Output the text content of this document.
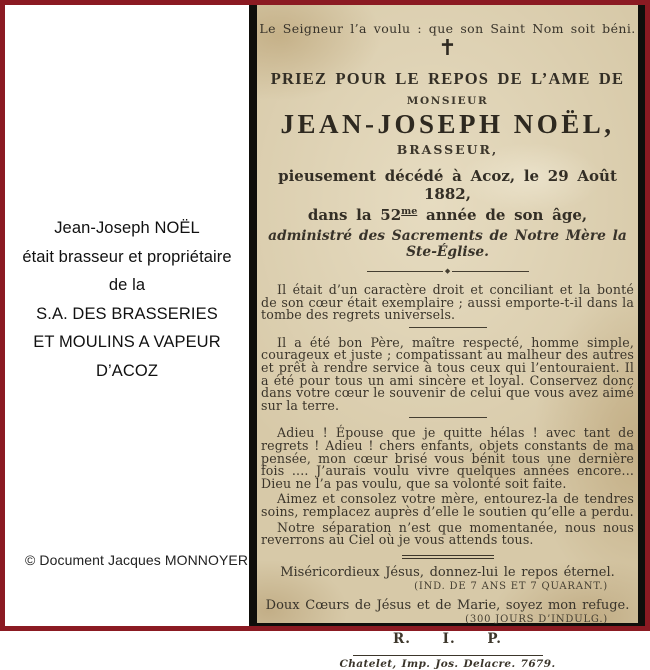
Jean-Joseph NOËL
était brasseur et propriétaire
de la
S.A. DES BRASSERIES
ET MOULINS A VAPEUR
D’ACOZ
© Document Jacques MONNOYER
Le Seigneur l’a voulu : que son Saint Nom soit béni.
✝
PRIEZ POUR LE REPOS DE L’AME DE
MONSIEUR
JEAN-JOSEPH NOËL,
BRASSEUR,
pieusement décédé à Acoz, le 29 Août 1882,
dans la $52^{me}$ année de son âge,
administré des Sacrements de Notre Mère la Ste-Église.
◆

Il était d’un caractère droit et conciliant et la bonté de son cœur était exemplaire ; aussi emporte-t-il dans la tombe des regrets universels.

Il a été bon Père, maître respecté, homme simple, courageux et juste ; compatissant au malheur des autres et prêt à rendre service à tous ceux qui l’entouraient. Il a été pour tous un ami sincère et loyal. Conservez donc dans votre cœur le souvenir de celui que vous avez aimé sur la terre.

Adieu ! Épouse que je quitte hélas ! avec tant de regrets ! Adieu ! chers enfants, objets constants de ma pensée, mon cœur brisé vous bénit tous une dernière fois .... J’aurais voulu vivre quelques années encore... Dieu ne l’a pas voulu, que sa volonté soit faite.

Aimez et consolez votre mère, entourez-la de tendres soins, remplacez auprès d’elle le soutien qu’elle a perdu.

Notre séparation n’est que momentanée, nous nous reverrons au Ciel où je vous attends tous.

Miséricordieux Jésus, donnez-lui le repos éternel.
(IND. DE 7 ANS ET 7 QUARANT.)
Doux Cœurs de Jésus et de Marie, soyez mon refuge.
(300 JOURS D’INDULG.)
R. I. P.
Chatelet, Imp. Jos. Delacre. 7679.
